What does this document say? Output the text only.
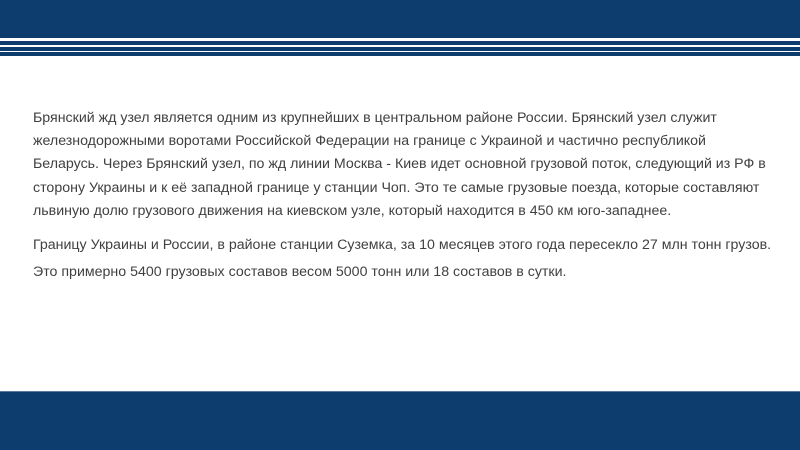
Брянский жд узел является одним из крупнейших в центральном районе России. Брянский узел служит железнодорожными воротами Российской Федерации на границе с Украиной и частично республикой Беларусь. Через Брянский узел, по жд линии Москва - Киев идет основной грузовой поток, следующий из РФ в сторону Украины и к её западной границе у станции Чоп. Это те самые грузовые поезда, которые составляют львиную долю грузового движения на киевском узле, который находится в 450 км юго-западнее.

Границу Украины и России, в районе станции Суземка, за 10 месяцев этого года пересекло 27 млн тонн грузов. Это примерно 5400 грузовых составов весом 5000 тонн или 18 составов в сутки.
